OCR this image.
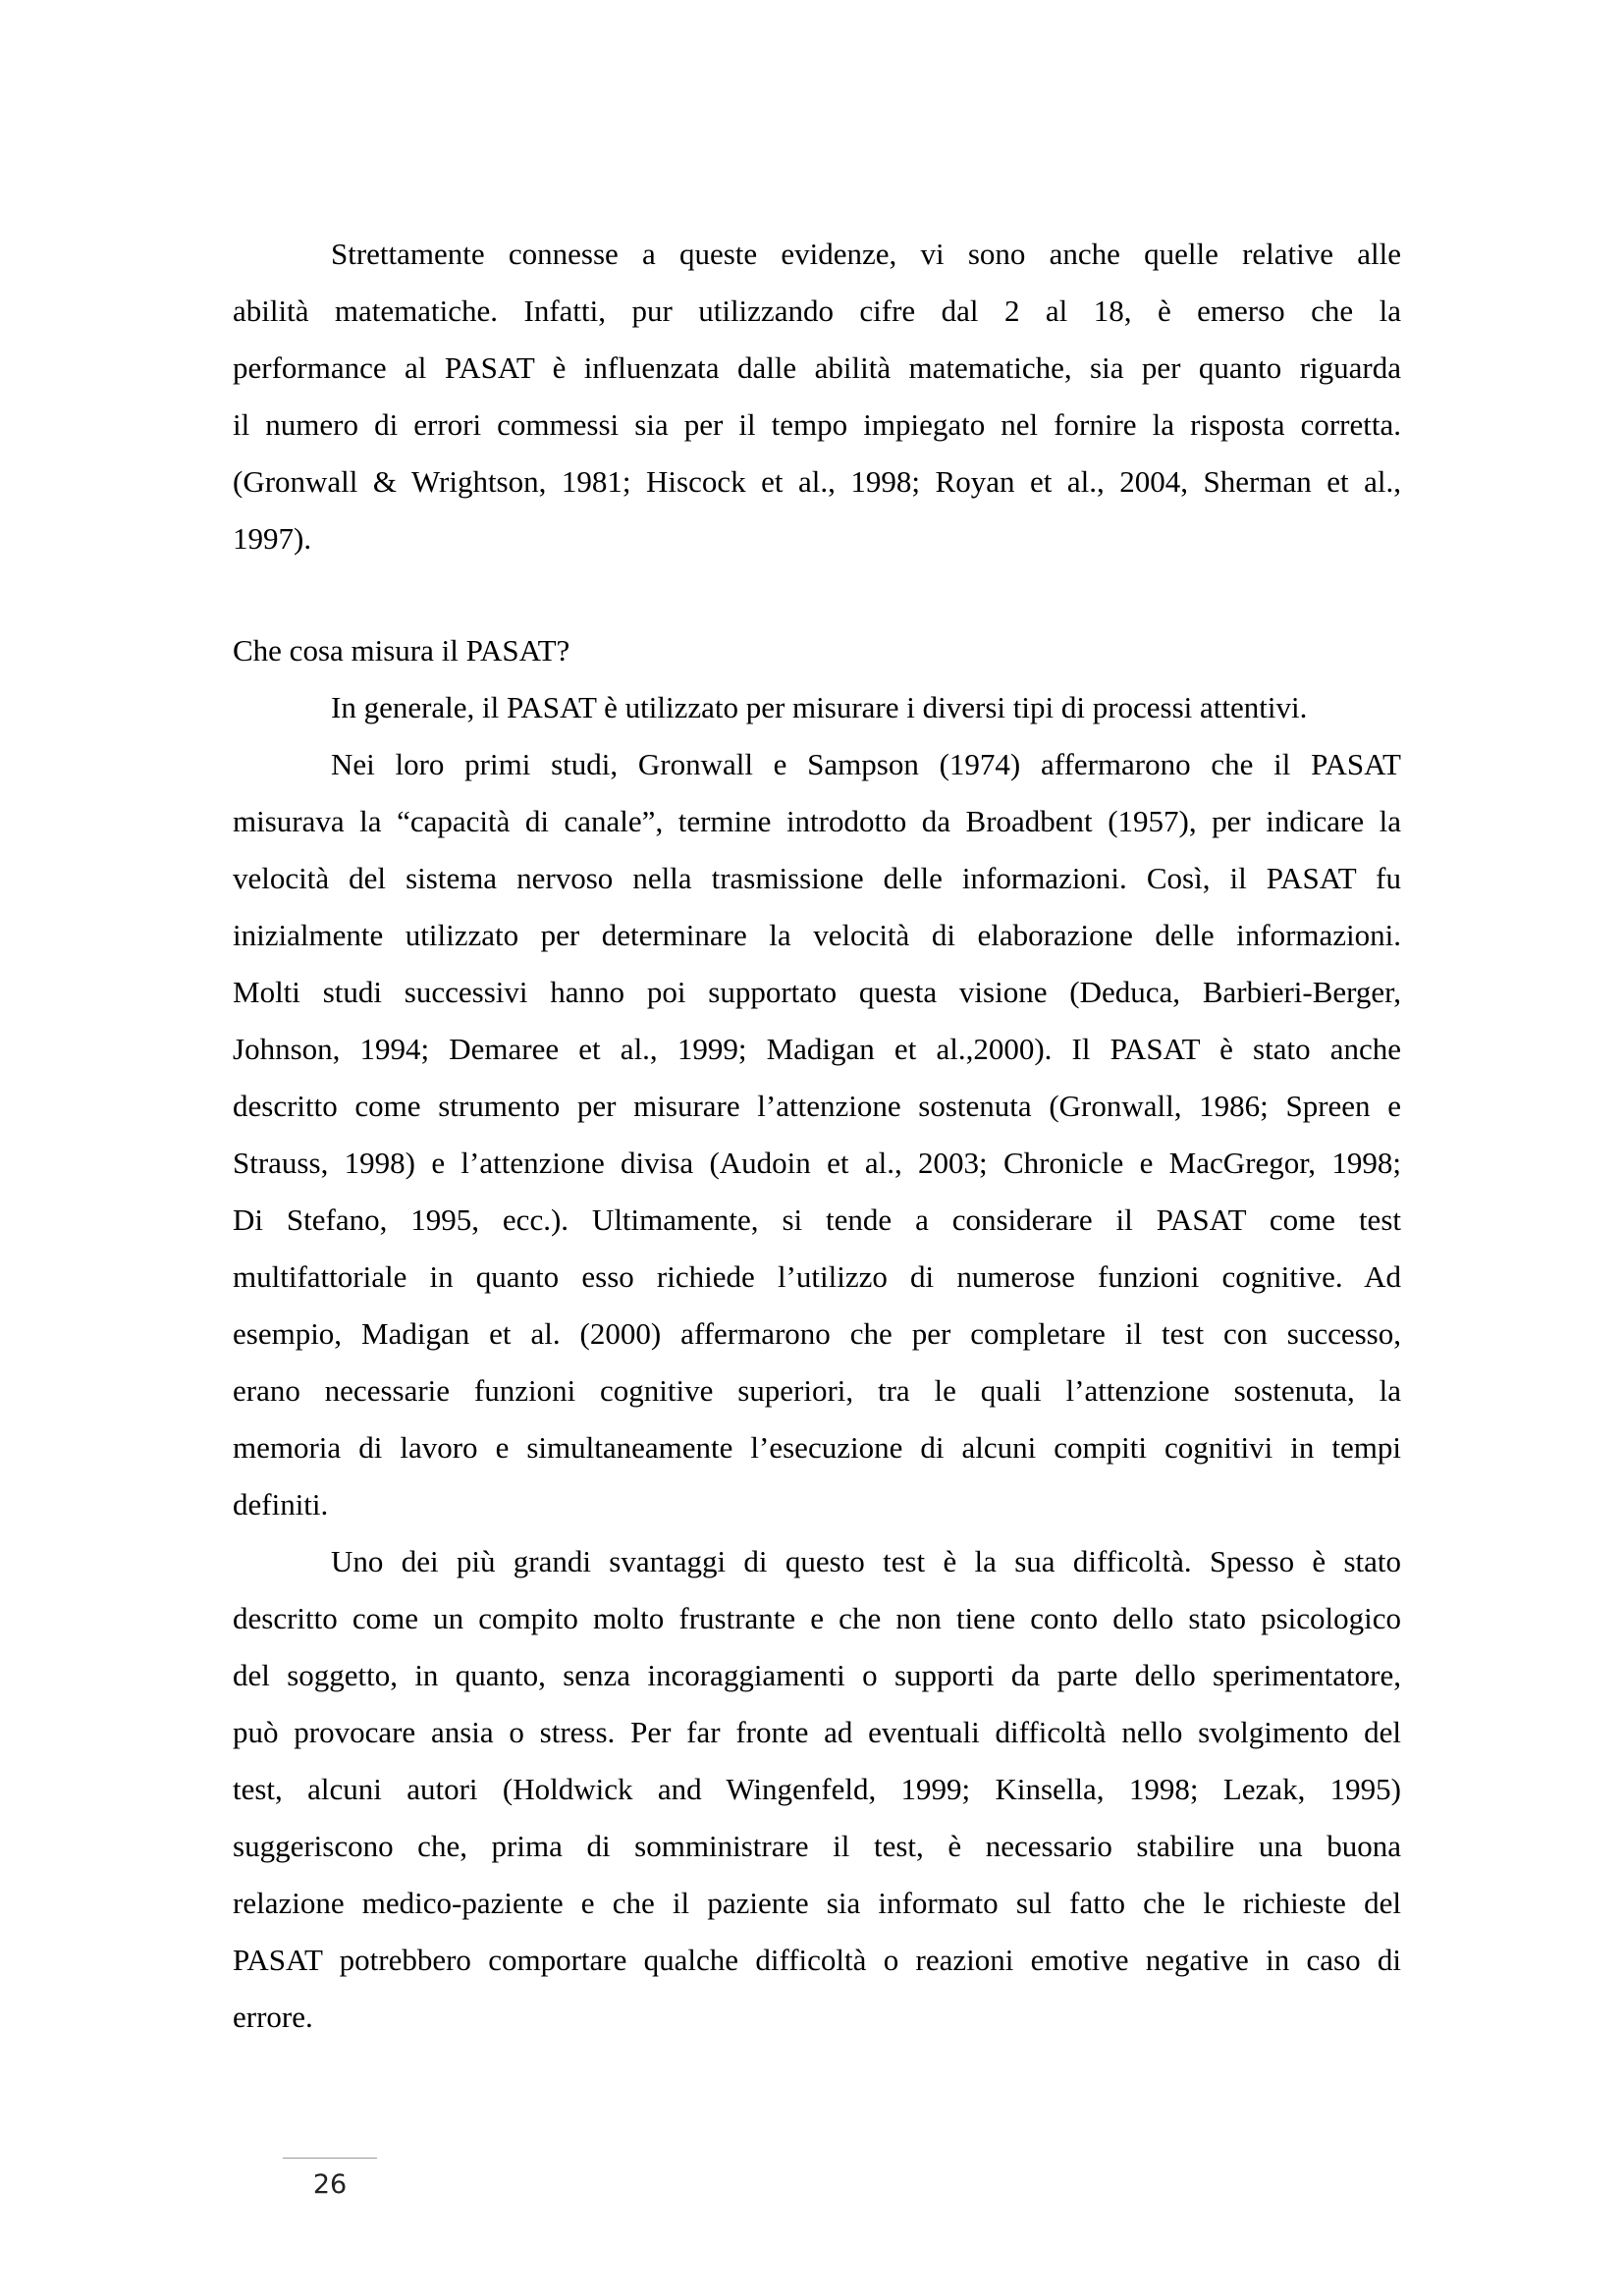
Strettamente connesse a queste evidenze, vi sono anche quelle relative alle
abilità matematiche. Infatti, pur utilizzando cifre dal 2 al 18, è emerso che la
performance al PASAT è influenzata dalle abilità matematiche, sia per quanto riguarda
il numero di errori commessi sia per il tempo impiegato nel fornire la risposta corretta.
(Gronwall & Wrightson, 1981; Hiscock et al., 1998; Royan et al., 2004, Sherman et al.,
1997).
Che cosa misura il PASAT?
In generale, il PASAT è utilizzato per misurare i diversi tipi di processi attentivi.
Nei loro primi studi, Gronwall e Sampson (1974) affermarono che il PASAT
misurava la “capacità di canale”, termine introdotto da Broadbent (1957), per indicare la
velocità del sistema nervoso nella trasmissione delle informazioni. Così, il PASAT fu
inizialmente utilizzato per determinare la velocità di elaborazione delle informazioni.
Molti studi successivi hanno poi supportato questa visione (Deduca, Barbieri-Berger,
Johnson, 1994; Demaree et al., 1999; Madigan et al.,2000). Il PASAT è stato anche
descritto come strumento per misurare l’attenzione sostenuta (Gronwall, 1986; Spreen e
Strauss, 1998) e l’attenzione divisa (Audoin et al., 2003; Chronicle e MacGregor, 1998;
Di Stefano, 1995, ecc.). Ultimamente, si tende a considerare il PASAT come test
multifattoriale in quanto esso richiede l’utilizzo di numerose funzioni cognitive. Ad
esempio, Madigan et al. (2000) affermarono che per completare il test con successo,
erano necessarie funzioni cognitive superiori, tra le quali l’attenzione sostenuta, la
memoria di lavoro e simultaneamente l’esecuzione di alcuni compiti cognitivi in tempi
definiti.
Uno dei più grandi svantaggi di questo test è la sua difficoltà. Spesso è stato
descritto come un compito molto frustrante e che non tiene conto dello stato psicologico
del soggetto, in quanto, senza incoraggiamenti o supporti da parte dello sperimentatore,
può provocare ansia o stress. Per far fronte ad eventuali difficoltà nello svolgimento del
test, alcuni autori (Holdwick and Wingenfeld, 1999; Kinsella, 1998; Lezak, 1995)
suggeriscono che, prima di somministrare il test, è necessario stabilire una buona
relazione medico-paziente e che il paziente sia informato sul fatto che le richieste del
PASAT potrebbero comportare qualche difficoltà o reazioni emotive negative in caso di
errore.
26
